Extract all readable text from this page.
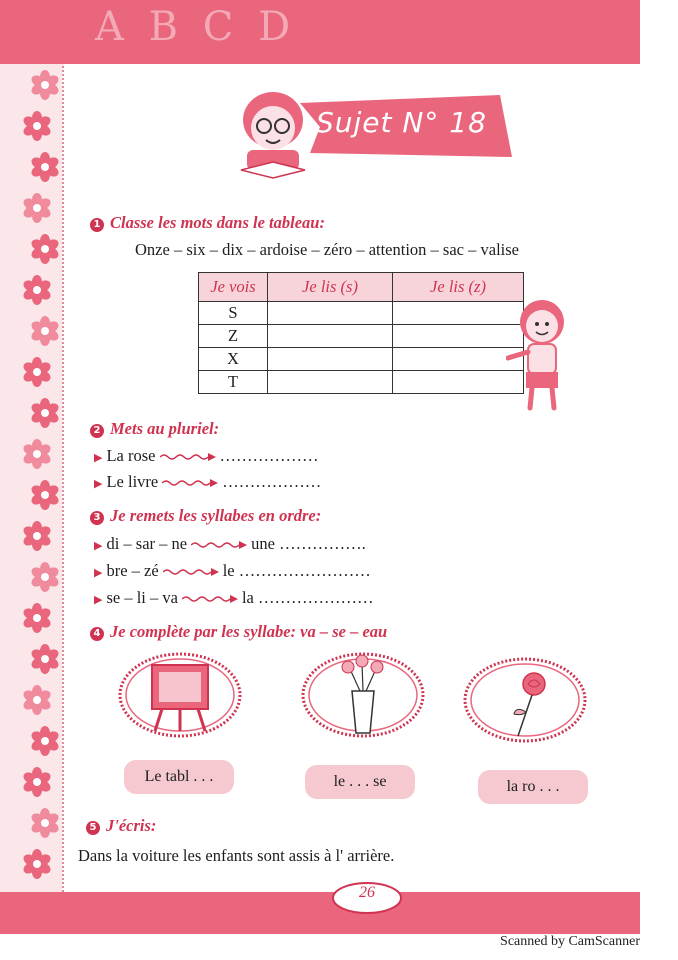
A B C D
Sujet N° 18
1 Classe les mots dans le tableau:
Onze – six – dix – ardoise – zéro – attention – sac – valise
Je vois	Je lis (s)	Je lis (z)
S		
Z		
X		
T		
2 Mets au pluriel:
▶ La rose	………………
▶ Le livre	………………
3 Je remets les syllabes en ordre:
▶ di – sar – ne	une …………….
▶ bre – zé	le ……………………
▶ se – li – va	la …………………
4 Je complète par les syllabe: va – se – eau
Le tabl . . .	le . . . se	la ro . . .
5 J'écris:
Dans la voiture les enfants sont assis à l' arrière.
26
Scanned by CamScanner
